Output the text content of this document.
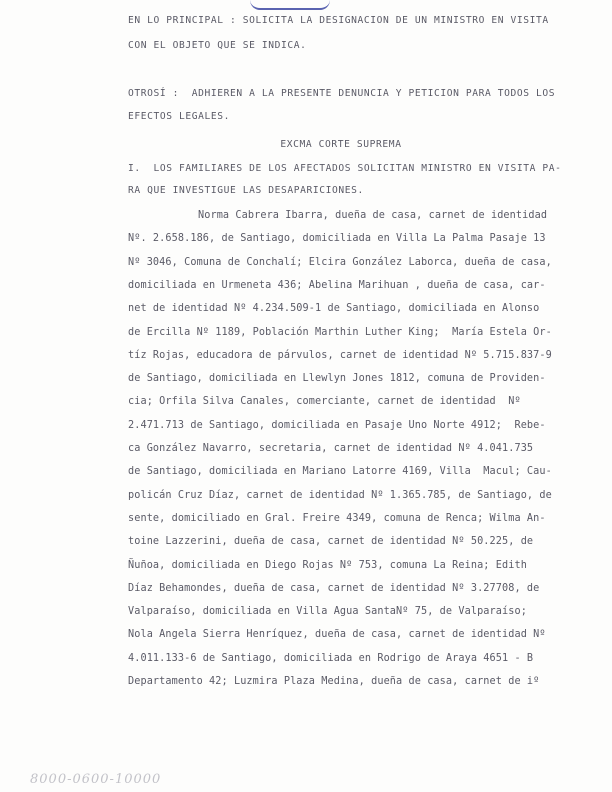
EN LO PRINCIPAL : SOLICITA LA DESIGNACION DE UN MINISTRO EN VISITA
CON EL OBJETO QUE SE INDICA.
OTROSÍ :  ADHIEREN A LA PRESENTE DENUNCIA Y PETICION PARA TODOS LOS
EFECTOS LEGALES.
EXCMA CORTE SUPREMA
I.  LOS FAMILIARES DE LOS AFECTADOS SOLICITAN MINISTRO EN VISITA PA-
RA QUE INVESTIGUE LAS DESAPARICIONES.
Norma Cabrera Ibarra, dueña de casa, carnet de identidad
Nº. 2.658.186, de Santiago, domiciliada en Villa La Palma Pasaje 13
Nº 3046, Comuna de Conchalí; Elcira González Laborca, dueña de casa,
domiciliada en Urmeneta 436; Abelina Marihuan , dueña de casa, car-
net de identidad Nº 4.234.509-1 de Santiago, domiciliada en Alonso
de Ercilla Nº 1189, Población Marthin Luther King;  María Estela Or-
tíz Rojas, educadora de párvulos, carnet de identidad Nº 5.715.837-9
de Santiago, domiciliada en Llewlyn Jones 1812, comuna de Providen-
cia; Orfila Silva Canales, comerciante, carnet de identidad  Nº
2.471.713 de Santiago, domiciliada en Pasaje Uno Norte 4912;  Rebe-
ca González Navarro, secretaria, carnet de identidad Nº 4.041.735
de Santiago, domiciliada en Mariano Latorre 4169, Villa  Macul; Cau-
policán Cruz Díaz, carnet de identidad Nº 1.365.785, de Santiago, de
sente, domiciliado en Gral. Freire 4349, comuna de Renca; Wilma An-
toine Lazzerini, dueña de casa, carnet de identidad Nº 50.225, de
Ñuñoa, domiciliada en Diego Rojas Nº 753, comuna La Reina; Edith
Díaz Behamondes, dueña de casa, carnet de identidad Nº 3.27708, de
Valparaíso, domiciliada en Villa Agua SantaNº 75, de Valparaíso;
Nola Angela Sierra Henríquez, dueña de casa, carnet de identidad Nº
4.011.133-6 de Santiago, domiciliada en Rodrigo de Araya 4651 - B
Departamento 42; Luzmira Plaza Medina, dueña de casa, carnet de iº
8000-0600-10000
